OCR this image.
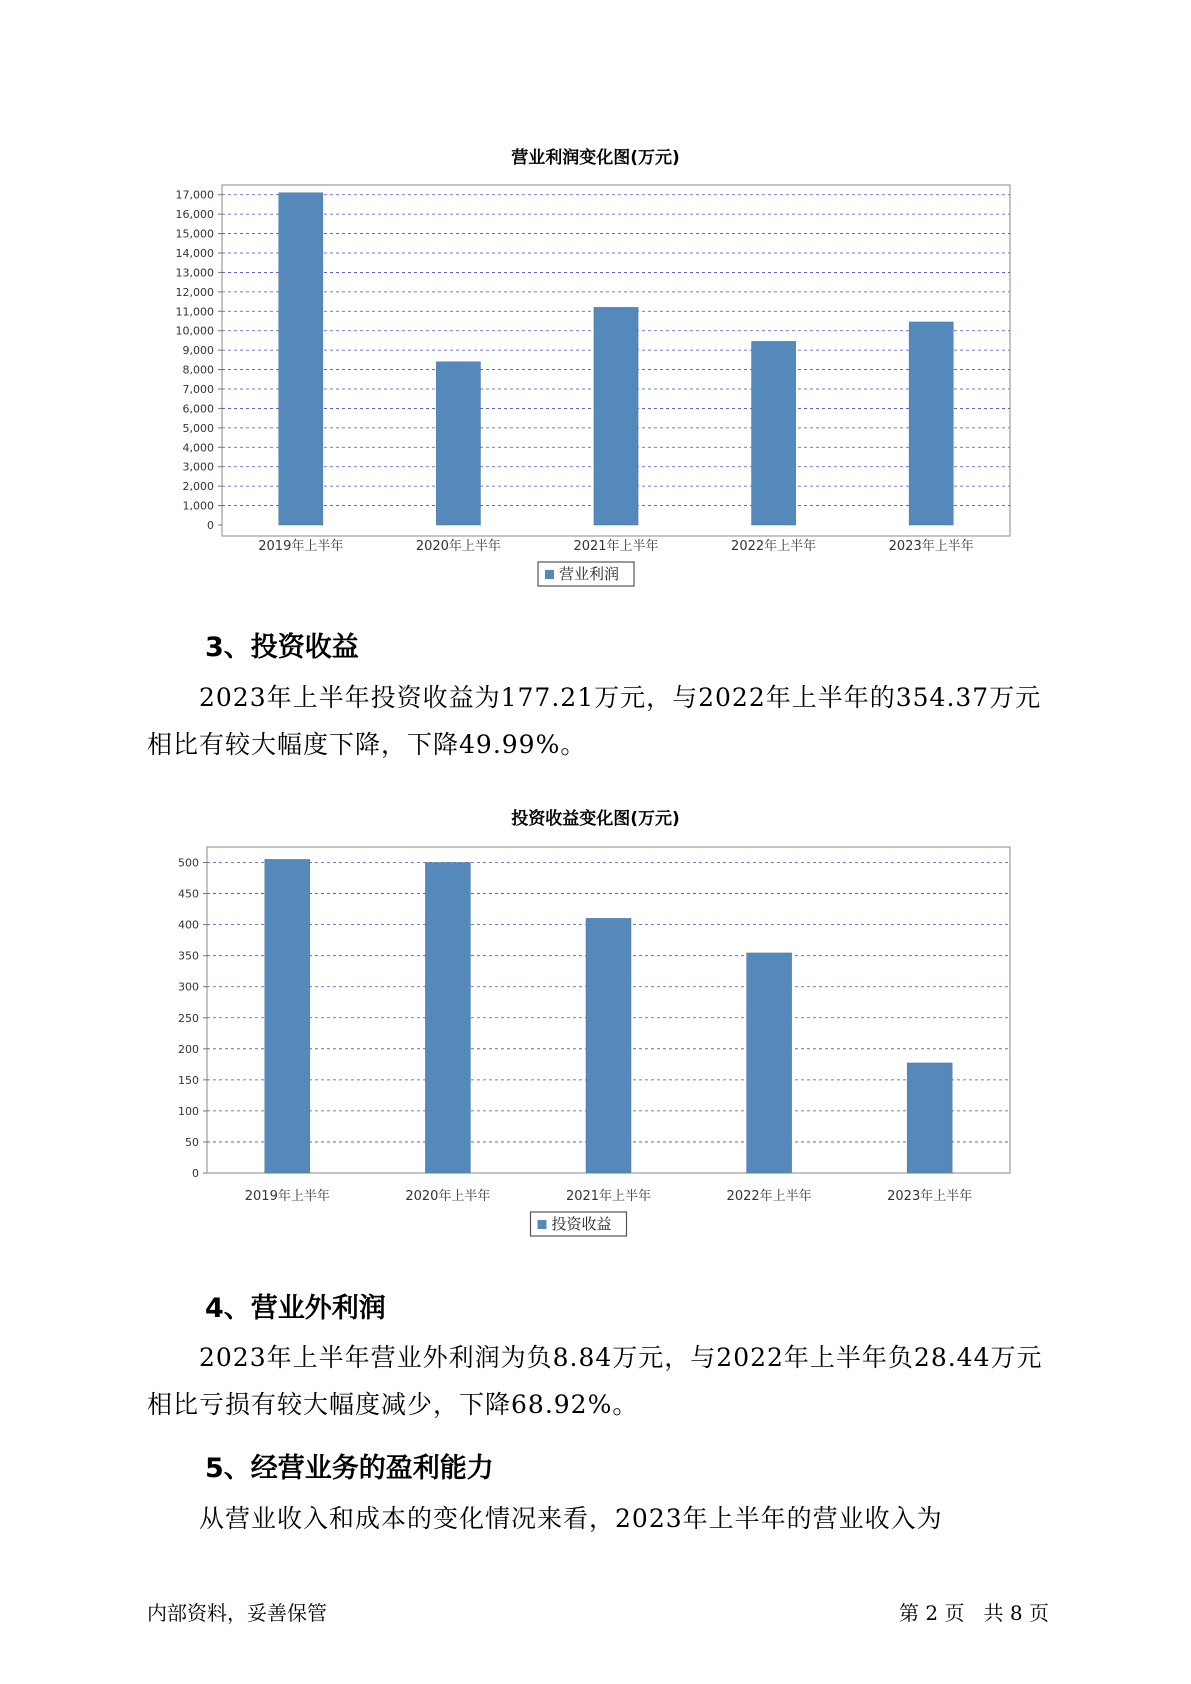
营业利润变化图(万元)
0
1,000
2,000
3,000
4,000
5,000
6,000
7,000
8,000
9,000
10,000
11,000
12,000
13,000
14,000
15,000
16,000
17,000
2019年上半年	2020年上半年	2021年上半年	2022年上半年	2023年上半年
营业利润
3、投资收益
2023年上半年投资收益为177.21万元，与2022年上半年的354.37万元
相比有较大幅度下降，下降49.99%。
投资收益变化图(万元)
0
50
100
150
200
250
300
350
400
450
500
2019年上半年	2020年上半年	2021年上半年	2022年上半年	2023年上半年
投资收益
4、营业外利润
2023年上半年营业外利润为负8.84万元，与2022年上半年负28.44万元
相比亏损有较大幅度减少，下降68.92%。
5、经营业务的盈利能力
从营业收入和成本的变化情况来看，2023年上半年的营业收入为
内部资料，妥善保管	第 2 页   共 8 页
